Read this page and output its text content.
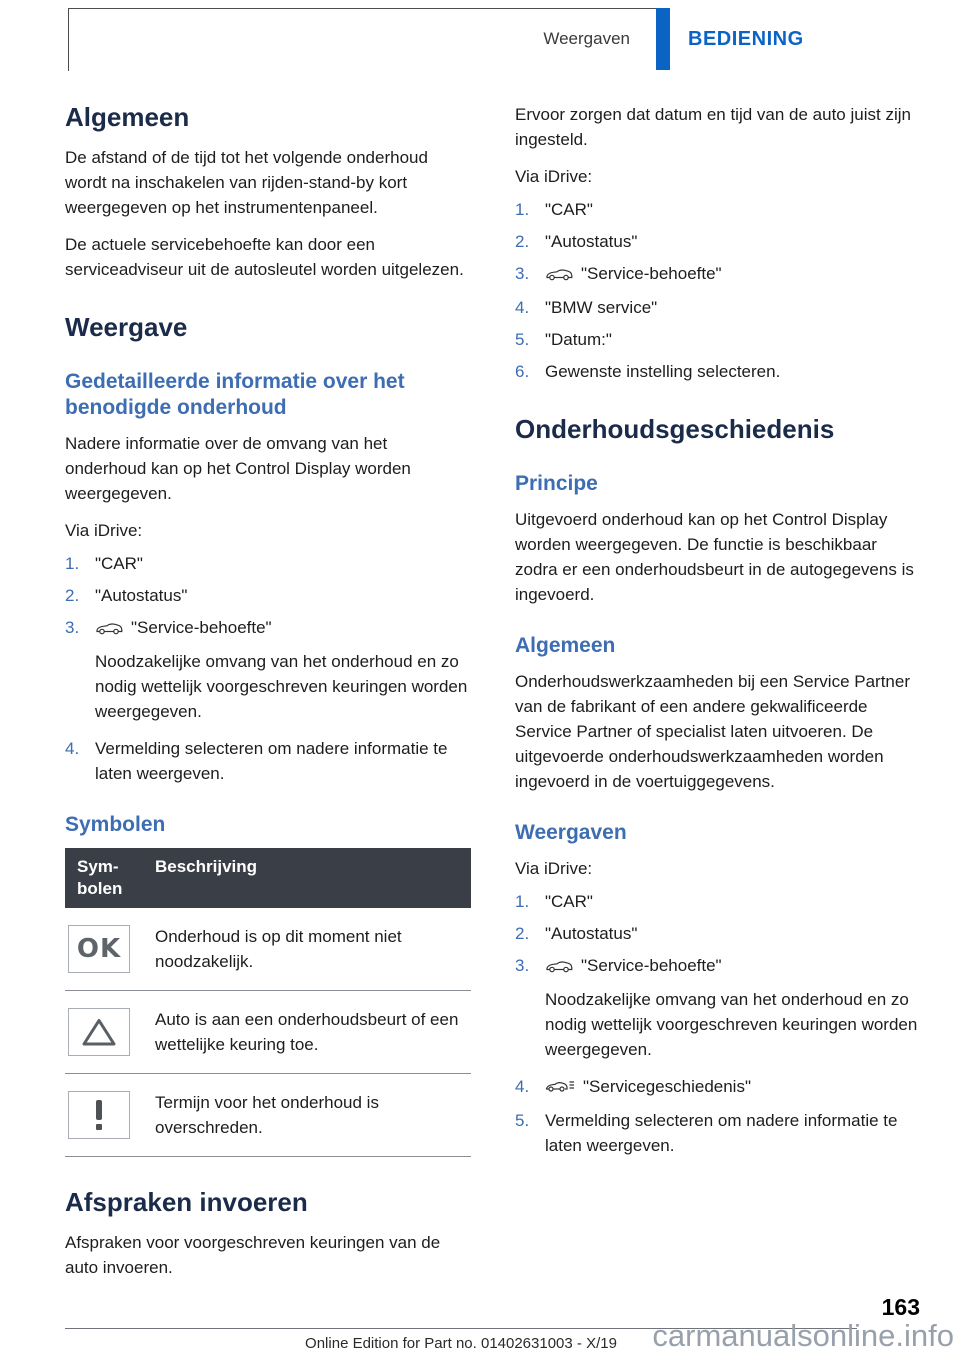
Weergaven	BEDIENING
Algemeen

De afstand of de tijd tot het volgende onderhoud wordt na inschakelen van rijden-stand-by kort weergegeven op het instrumentenpaneel.

De actuele servicebehoefte kan door een serviceadviseur uit de autosleutel worden uitgelezen.

Weergave
Gedetailleerde informatie over het benodigde onderhoud

Nadere informatie over de omvang van het onderhoud kan op het Control Display worden weergegeven.

Via iDrive:

1. "CAR"
2. "Autostatus"
3.	"Service-behoefte"
Noodzakelijke omvang van het onderhoud en zo nodig wettelijk voorgeschreven keuringen worden weergegeven.
4. Vermelding selecteren om nadere informatie te laten weergeven.
Symbolen
Sym-bolen
Beschrijving
OK Onderhoud is op dit moment niet noodzakelijk.
Auto is aan een onderhoudsbeurt of een wettelijke keuring toe.
Termijn voor het onderhoud is overschreden.
Afspraken invoeren

Afspraken voor voorgeschreven keuringen van de auto invoeren.

Ervoor zorgen dat datum en tijd van de auto juist zijn ingesteld.

Via iDrive:

1. "CAR"
2. "Autostatus"
3.	"Service-behoefte"
4. "BMW service"
5. "Datum:"
6. Gewenste instelling selecteren.
Onderhoudsgeschiedenis
Principe

Uitgevoerd onderhoud kan op het Control Display worden weergegeven. De functie is beschikbaar zodra er een onderhoudsbeurt in de autogegevens is ingevoerd.

Algemeen

Onderhoudswerkzaamheden bij een Service Partner van de fabrikant of een andere gekwalificeerde Service Partner of specialist laten uitvoeren. De uitgevoerde onderhoudswerkzaamheden worden ingevoerd in de voertuiggegevens.

Weergaven

Via iDrive:

1. "CAR"
2. "Autostatus"
3.	"Service-behoefte"
Noodzakelijke omvang van het onderhoud en zo nodig wettelijk voorgeschreven keuringen worden weergegeven.
4.	"Servicegeschiedenis"
5. Vermelding selecteren om nadere informatie te laten weergeven.
163
Online Edition for Part no. 01402631003 - X/19	carmanualsonline.info
